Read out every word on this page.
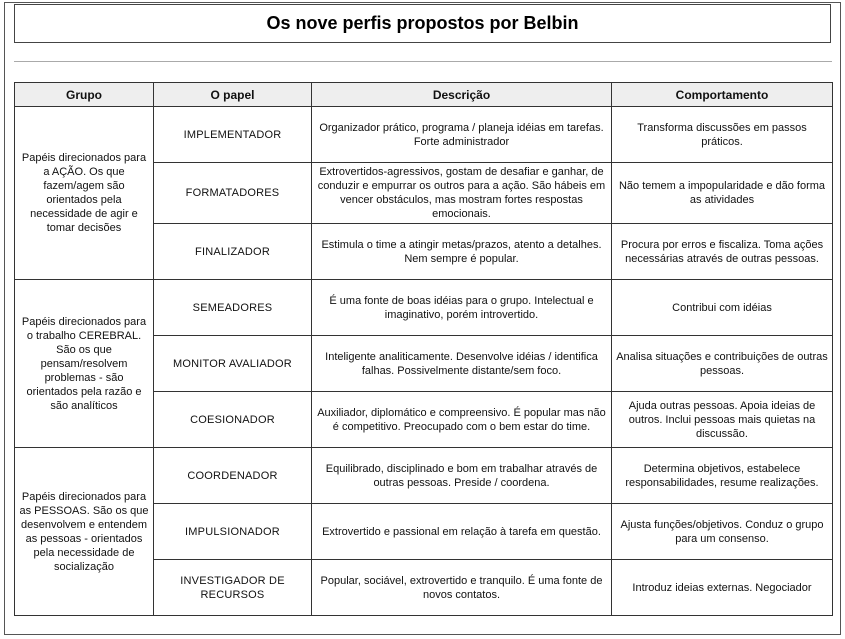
Os nove perfis propostos por Belbin
Grupo	O papel	Descrição	Comportamento
Papéis direcionados para a AÇÃO. Os que fazem/agem são orientados pela necessidade de agir e tomar decisões	IMPLEMENTADOR	Organizador prático, programa / planeja idéias em tarefas. Forte administrador	Transforma discussões em passos práticos.
	FORMATADORES	Extrovertidos-agressivos, gostam de desafiar e ganhar, de conduzir e empurrar os outros para a ação. São hábeis em vencer obstáculos, mas mostram fortes respostas emocionais.	Não temem a impopularidade e dão forma as atividades
	FINALIZADOR	Estimula o time a atingir metas/prazos, atento a detalhes. Nem sempre é popular.	Procura por erros e fiscaliza. Toma ações necessárias através de outras pessoas.
Papéis direcionados para o trabalho CEREBRAL. São os que pensam/resolvem problemas - são orientados pela razão e são analíticos	SEMEADORES	É uma fonte de boas idéias para o grupo. Intelectual e imaginativo, porém introvertido.	Contribui com idéias
	MONITOR AVALIADOR	Inteligente analiticamente. Desenvolve idéias / identifica falhas. Possivelmente distante/sem foco.	Analisa situações e contribuições de outras pessoas.
	COESIONADOR	Auxiliador, diplomático e compreensivo. É popular mas não é competitivo. Preocupado com o bem estar do time.	Ajuda outras pessoas. Apoia ideias de outros. Inclui pessoas mais quietas na discussão.
Papéis direcionados para as PESSOAS. São os que desenvolvem e entendem as pessoas - orientados pela necessidade de socialização	COORDENADOR	Equilibrado, disciplinado e bom em trabalhar através de outras pessoas. Preside / coordena.	Determina objetivos, estabelece responsabilidades, resume realizações.
	IMPULSIONADOR	Extrovertido e passional em relação à tarefa em questão.	Ajusta funções/objetivos. Conduz o grupo para um consenso.
	INVESTIGADOR DE RECURSOS	Popular, sociável, extrovertido e tranquilo. É uma fonte de novos contatos.	Introduz ideias externas. Negociador
